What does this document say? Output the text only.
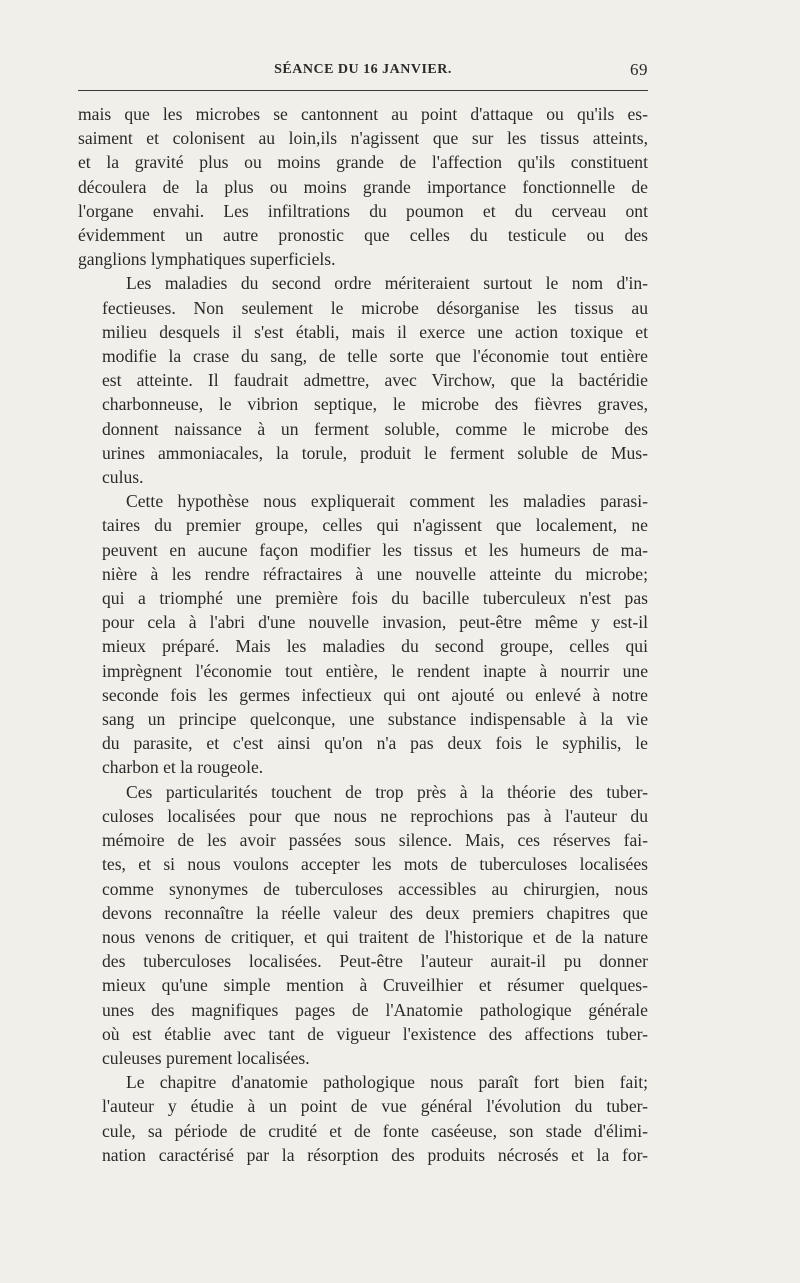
SÉANCE DU 16 JANVIER.	69

mais que les microbes se cantonnent au point d'attaque ou qu'ils es-
saiment et colonisent au loin,ils n'agissent que sur les tissus atteints,
et la gravité plus ou moins grande de l'affection qu'ils constituent
découlera de la plus ou moins grande importance fonctionnelle de
l'organe envahi. Les infiltrations du poumon et du cerveau ont
évidemment un autre pronostic que celles du testicule ou des
ganglions lymphatiques superficiels.

Les maladies du second ordre mériteraient surtout le nom d'in-
fectieuses. Non seulement le microbe désorganise les tissus au
milieu desquels il s'est établi, mais il exerce une action toxique et
modifie la crase du sang, de telle sorte que l'économie tout entière
est atteinte. Il faudrait admettre, avec Virchow, que la bactéridie
charbonneuse, le vibrion septique, le microbe des fièvres graves,
donnent naissance à un ferment soluble, comme le microbe des
urines ammoniacales, la torule, produit le ferment soluble de Mus-
culus.

Cette hypothèse nous expliquerait comment les maladies parasi-
taires du premier groupe, celles qui n'agissent que localement, ne
peuvent en aucune façon modifier les tissus et les humeurs de ma-
nière à les rendre réfractaires à une nouvelle atteinte du microbe;
qui a triomphé une première fois du bacille tuberculeux n'est pas
pour cela à l'abri d'une nouvelle invasion, peut-être même y est-il
mieux préparé. Mais les maladies du second groupe, celles qui
imprègnent l'économie tout entière, le rendent inapte à nourrir une
seconde fois les germes infectieux qui ont ajouté ou enlevé à notre
sang un principe quelconque, une substance indispensable à la vie
du parasite, et c'est ainsi qu'on n'a pas deux fois le syphilis, le
charbon et la rougeole.

Ces particularités touchent de trop près à la théorie des tuber-
culoses localisées pour que nous ne reprochions pas à l'auteur du
mémoire de les avoir passées sous silence. Mais, ces réserves fai-
tes, et si nous voulons accepter les mots de tuberculoses localisées
comme synonymes de tuberculoses accessibles au chirurgien, nous
devons reconnaître la réelle valeur des deux premiers chapitres que
nous venons de critiquer, et qui traitent de l'historique et de la nature
des tuberculoses localisées. Peut-être l'auteur aurait-il pu donner
mieux qu'une simple mention à Cruveilhier et résumer quelques-
unes des magnifiques pages de l'Anatomie pathologique générale
où est établie avec tant de vigueur l'existence des affections tuber-
culeuses purement localisées.

Le chapitre d'anatomie pathologique nous paraît fort bien fait;
l'auteur y étudie à un point de vue général l'évolution du tuber-
cule, sa période de crudité et de fonte caséeuse, son stade d'élimi-
nation caractérisé par la résorption des produits nécrosés et la for-
